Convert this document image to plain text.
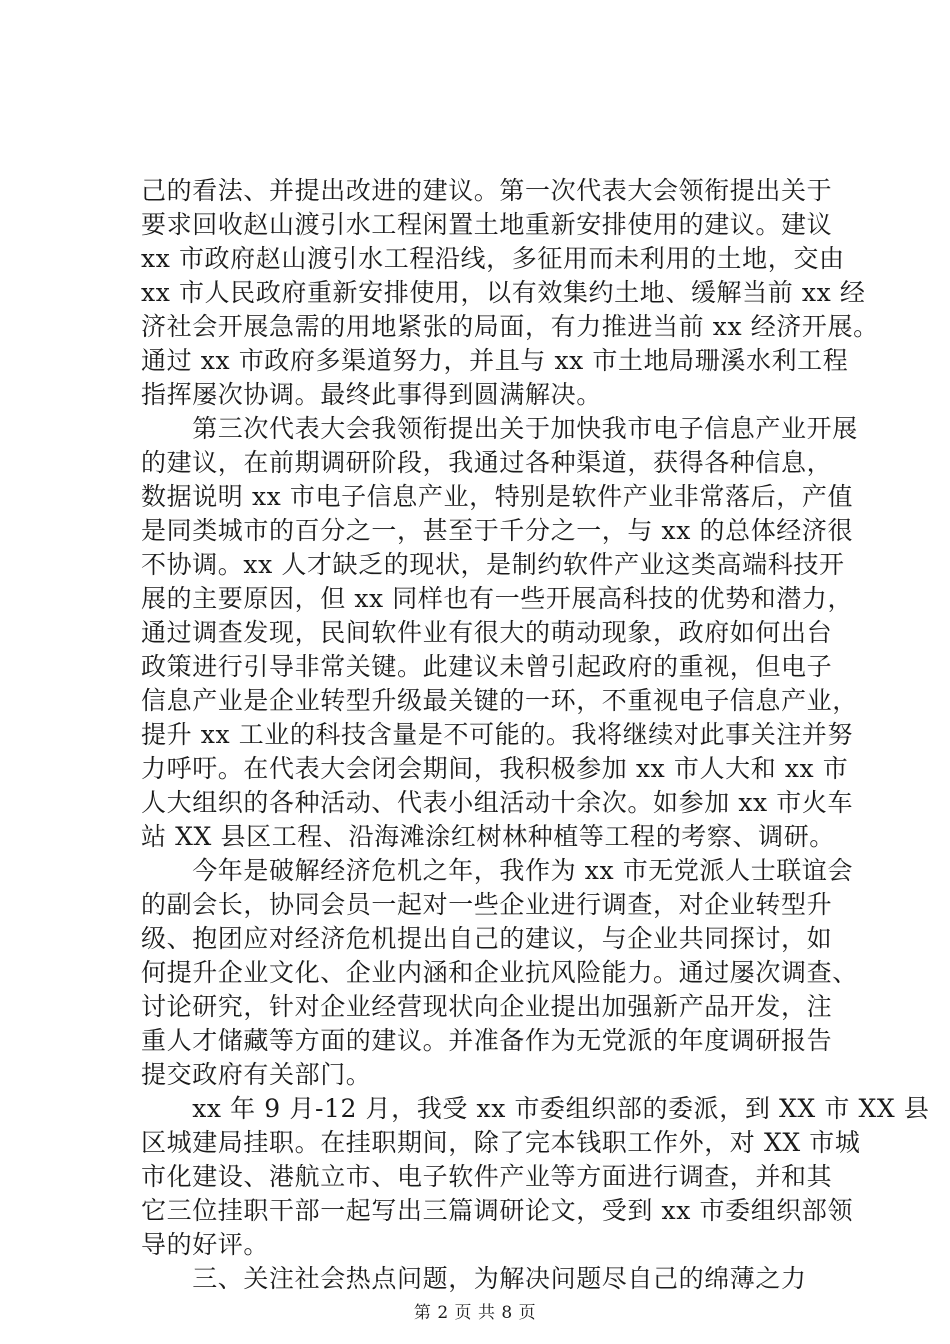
己的看法、并提出改进的建议。第一次代表大会领衔提出关于
要求回收赵山渡引水工程闲置土地重新安排使用的建议。建议
xx 市政府赵山渡引水工程沿线，多征用而未利用的土地，交由
xx 市人民政府重新安排使用，以有效集约土地、缓解当前 xx 经
济社会开展急需的用地紧张的局面，有力推进当前 xx 经济开展。
通过 xx 市政府多渠道努力，并且与 xx 市土地局珊溪水利工程
指挥屡次协调。最终此事得到圆满解决。
　　第三次代表大会我领衔提出关于加快我市电子信息产业开展
的建议，在前期调研阶段，我通过各种渠道，获得各种信息，
数据说明 xx 市电子信息产业，特别是软件产业非常落后，产值
是同类城市的百分之一，甚至于千分之一，与 xx 的总体经济很
不协调。xx 人才缺乏的现状，是制约软件产业这类高端科技开
展的主要原因，但 xx 同样也有一些开展高科技的优势和潜力，
通过调查发现，民间软件业有很大的萌动现象，政府如何出台
政策进行引导非常关键。此建议未曾引起政府的重视，但电子
信息产业是企业转型升级最关键的一环，不重视电子信息产业，
提升 xx 工业的科技含量是不可能的。我将继续对此事关注并努
力呼吁。在代表大会闭会期间，我积极参加 xx 市人大和 xx 市
人大组织的各种活动、代表小组活动十余次。如参加 xx 市火车
站 XX 县区工程、沿海滩涂红树林种植等工程的考察、调研。
　　今年是破解经济危机之年，我作为 xx 市无党派人士联谊会
的副会长，协同会员一起对一些企业进行调查，对企业转型升
级、抱团应对经济危机提出自己的建议，与企业共同探讨，如
何提升企业文化、企业内涵和企业抗风险能力。通过屡次调查、
讨论研究，针对企业经营现状向企业提出加强新产品开发，注
重人才储藏等方面的建议。并准备作为无党派的年度调研报告
提交政府有关部门。
　　xx 年 9 月-12 月，我受 xx 市委组织部的委派，到 XX 市 XX 县
区城建局挂职。在挂职期间，除了完本钱职工作外，对 XX 市城
市化建设、港航立市、电子软件产业等方面进行调查，并和其
它三位挂职干部一起写出三篇调研论文，受到 xx 市委组织部领
导的好评。
　　三、关注社会热点问题，为解决问题尽自己的绵薄之力
第 2 页 共 8 页
